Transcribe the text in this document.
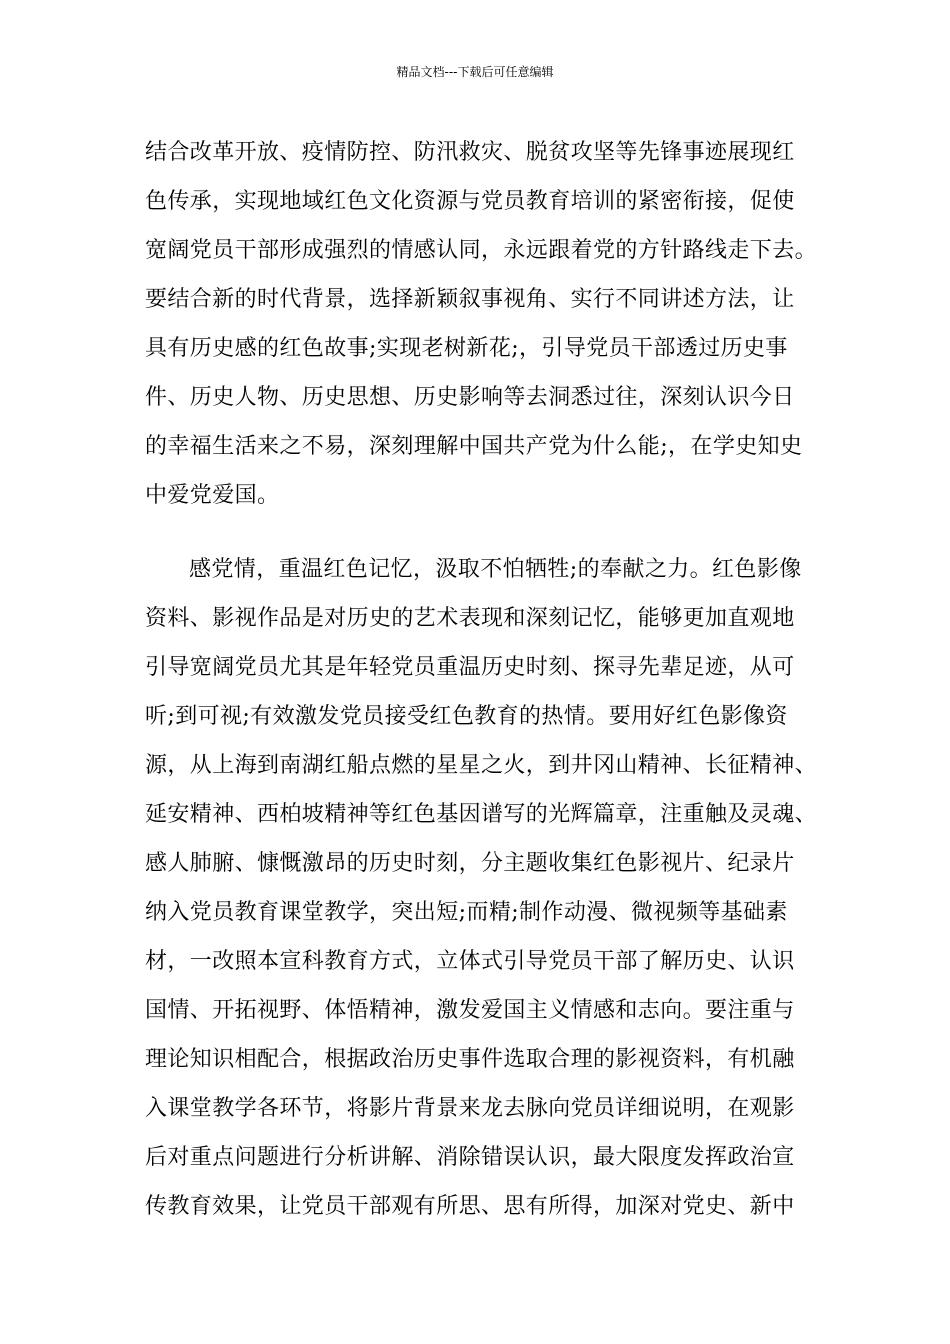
精品文档---下载后可任意编辑
结合改革开放、疫情防控、防汛救灾、脱贫攻坚等先锋事迹展现红
色传承，实现地域红色文化资源与党员教育培训的紧密衔接，促使
宽阔党员干部形成强烈的情感认同，永远跟着党的方针路线走下去。
要结合新的时代背景，选择新颖叙事视角、实行不同讲述方法，让
具有历史感的红色故事;实现老树新花;，引导党员干部透过历史事
件、历史人物、历史思想、历史影响等去洞悉过往，深刻认识今日
的幸福生活来之不易，深刻理解中国共产党为什么能;，在学史知史
中爱党爱国。
感党情，重温红色记忆，汲取不怕牺牲;的奉献之力。红色影像
资料、影视作品是对历史的艺术表现和深刻记忆，能够更加直观地
引导宽阔党员尤其是年轻党员重温历史时刻、探寻先辈足迹，从可
听;到可视;有效激发党员接受红色教育的热情。要用好红色影像资
源，从上海到南湖红船点燃的星星之火，到井冈山精神、长征精神、
延安精神、西柏坡精神等红色基因谱写的光辉篇章，注重触及灵魂、
感人肺腑、慷慨激昂的历史时刻，分主题收集红色影视片、纪录片
纳入党员教育课堂教学，突出短;而精;制作动漫、微视频等基础素
材，一改照本宣科教育方式，立体式引导党员干部了解历史、认识
国情、开拓视野、体悟精神，激发爱国主义情感和志向。要注重与
理论知识相配合，根据政治历史事件选取合理的影视资料，有机融
入课堂教学各环节，将影片背景来龙去脉向党员详细说明，在观影
后对重点问题进行分析讲解、消除错误认识，最大限度发挥政治宣
传教育效果，让党员干部观有所思、思有所得，加深对党史、新中
